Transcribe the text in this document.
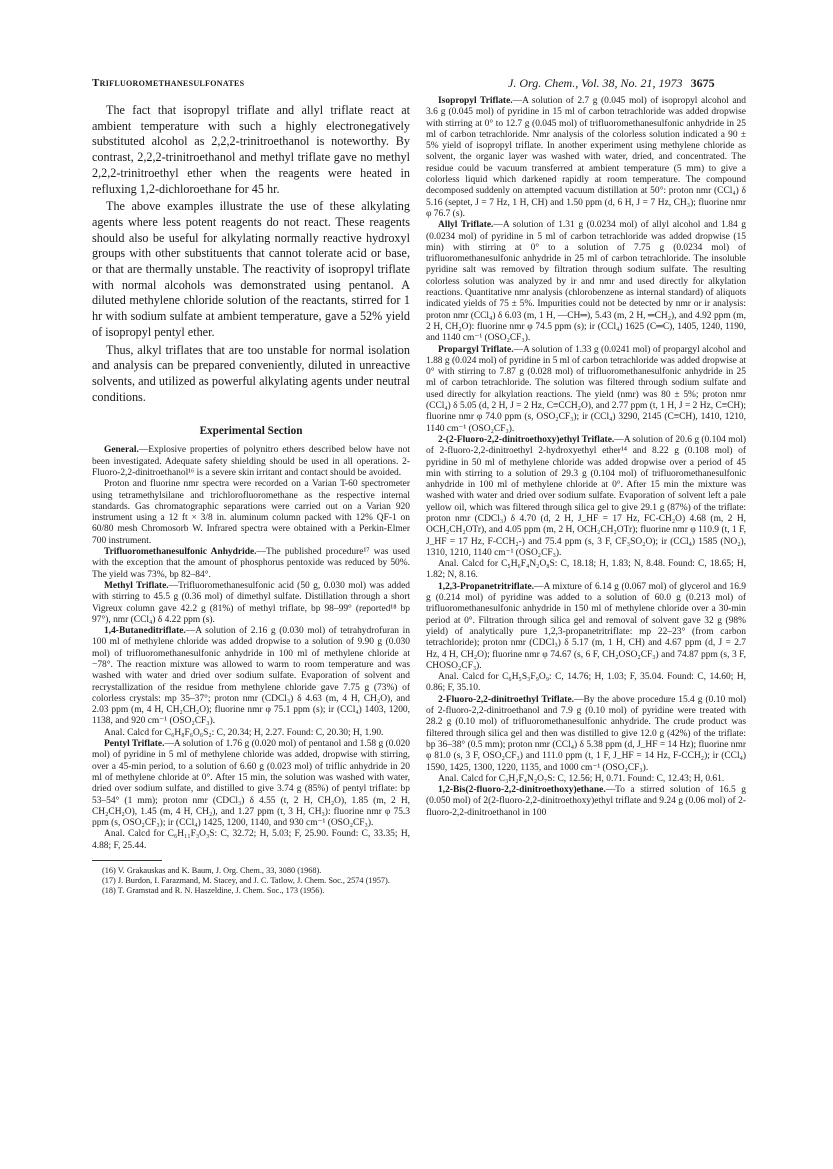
Trifluoromethanesulfonates	J. Org. Chem., Vol. 38, No. 21, 1973 3675

The fact that isopropyl triflate and allyl triflate react at ambient temperature with such a highly electronegatively substituted alcohol as 2,2,2-trinitroethanol is noteworthy. By contrast, 2,2,2-trinitroethanol and methyl triflate gave no methyl 2,2,2-trinitroethyl ether when the reagents were heated in refluxing 1,2-dichloroethane for 45 hr.

The above examples illustrate the use of these alkylating agents where less potent reagents do not react. These reagents should also be useful for alkylating normally reactive hydroxyl groups with other substituents that cannot tolerate acid or base, or that are thermally unstable. The reactivity of isopropyl triflate with normal alcohols was demonstrated using pentanol. A diluted methylene chloride solution of the reactants, stirred for 1 hr with sodium sulfate at ambient temperature, gave a 52% yield of isopropyl pentyl ether.

Thus, alkyl triflates that are too unstable for normal isolation and analysis can be prepared conveniently, diluted in unreactive solvents, and utilized as powerful alkylating agents under neutral conditions.

Experimental Section

General.—Explosive properties of polynitro ethers described below have not been investigated. Adequate safety shielding should be used in all operations. 2-Fluoro-2,2-dinitroethanol¹⁶ is a severe skin irritant and contact should be avoided.

Proton and fluorine nmr spectra were recorded on a Varian T-60 spectrometer using tetramethylsilane and trichlorofluoromethane as the respective internal standards. Gas chromatographic separations were carried out on a Varian 920 instrument using a 12 ft × 3/8 in. aluminum column packed with 12% QF-1 on 60/80 mesh Chromosorb W. Infrared spectra were obtained with a Perkin-Elmer 700 instrument.

Trifluoromethanesulfonic Anhydride.—The published procedure¹⁷ was used with the exception that the amount of phosphorus pentoxide was reduced by 50%. The yield was 73%, bp 82–84°.

Methyl Triflate.—Trifluoromethanesulfonic acid (50 g, 0.030 mol) was added with stirring to 45.5 g (0.36 mol) of dimethyl sulfate. Distillation through a short Vigreux column gave 42.2 g (81%) of methyl triflate, bp 98–99° (reported¹⁸ bp 97°), nmr (CCl₄) δ 4.22 ppm (s).

1,4-Butaneditriflate.—A solution of 2.16 g (0.030 mol) of tetrahydrofuran in 100 ml of methylene chloride was added dropwise to a solution of 9.90 g (0.030 mol) of trifluoromethanesulfonic anhydride in 100 ml of methylene chloride at −78°. The reaction mixture was allowed to warm to room temperature and was washed with water and dried over sodium sulfate. Evaporation of solvent and recrystallization of the residue from methylene chloride gave 7.75 g (73%) of colorless crystals: mp 35–37°; proton nmr (CDCl₃) δ 4.63 (m, 4 H, CH₂O), and 2.03 ppm (m, 4 H, CH₂CH₂O); fluorine nmr φ 75.1 ppm (s); ir (CCl₄) 1403, 1200, 1138, and 920 cm⁻¹ (OSO₂CF₃).

Anal. Calcd for C₆H₈F₆O₆S₂: C, 20.34; H, 2.27. Found: C, 20.30; H, 1.90.

Pentyl Triflate.—A solution of 1.76 g (0.020 mol) of pentanol and 1.58 g (0.020 mol) of pyridine in 5 ml of methylene chloride was added, dropwise with stirring, over a 45-min period, to a solution of 6.60 g (0.023 mol) of triflic anhydride in 20 ml of methylene chloride at 0°. After 15 min, the solution was washed with water, dried over sodium sulfate, and distilled to give 3.74 g (85%) of pentyl triflate: bp 53–54° (1 mm); proton nmr (CDCl₃) δ 4.55 (t, 2 H, CH₂O), 1.85 (m, 2 H, CH₂CH₂O), 1.45 (m, 4 H, CH₂), and 1.27 ppm (t, 3 H, CH₃): fluorine nmr φ 75.3 ppm (s, OSO₂CF₃); ir (CCl₄) 1425, 1200, 1140, and 930 cm⁻¹ (OSO₂CF₃).

Anal. Calcd for C₆H₁₁F₃O₃S: C, 32.72; H, 5.03; F, 25.90. Found: C, 33.35; H, 4.88; F, 25.44.

(16) V. Grakauskas and K. Baum, J. Org. Chem., 33, 3080 (1968).

(17) J. Burdon, I. Farazmand, M. Stacey, and J. C. Tatlow, J. Chem. Soc., 2574 (1957).

(18) T. Gramstad and R. N. Haszeldine, J. Chem. Soc., 173 (1956).

Isopropyl Triflate.—A solution of 2.7 g (0.045 mol) of isopropyl alcohol and 3.6 g (0.045 mol) of pyridine in 15 ml of carbon tetrachloride was added dropwise with stirring at 0° to 12.7 g (0.045 mol) of trifluoromethanesulfonic anhydride in 25 ml of carbon tetrachloride. Nmr analysis of the colorless solution indicated a 90 ± 5% yield of isopropyl triflate. In another experiment using methylene chloride as solvent, the organic layer was washed with water, dried, and concentrated. The residue could be vacuum transferred at ambient temperature (5 mm) to give a colorless liquid which darkened rapidly at room temperature. The compound decomposed suddenly on attempted vacuum distillation at 50°: proton nmr (CCl₄) δ 5.16 (septet, J = 7 Hz, 1 H, CH) and 1.50 ppm (d, 6 H, J = 7 Hz, CH₃); fluorine nmr φ 76.7 (s).

Allyl Triflate.—A solution of 1.31 g (0.0234 mol) of allyl alcohol and 1.84 g (0.0234 mol) of pyridine in 5 ml of carbon tetrachloride was added dropwise (15 min) with stirring at 0° to a solution of 7.75 g (0.0234 mol) of trifluoromethanesulfonic anhydride in 25 ml of carbon tetrachloride. The insoluble pyridine salt was removed by filtration through sodium sulfate. The resulting colorless solution was analyzed by ir and nmr and used directly for alkylation reactions. Quantitative nmr analysis (chlorobenzene as internal standard) of aliquots indicated yields of 75 ± 5%. Impurities could not be detected by nmr or ir analysis: proton nmr (CCl₄) δ 6.03 (m, 1 H, —CH═), 5.43 (m, 2 H, ═CH₂), and 4.92 ppm (m, 2 H, CH₂O): fluorine nmr φ 74.5 ppm (s); ir (CCl₄) 1625 (C═C), 1405, 1240, 1190, and 1140 cm⁻¹ (OSO₂CF₃).

Propargyl Triflate.—A solution of 1.33 g (0.0241 mol) of propargyl alcohol and 1.88 g (0.024 mol) of pyridine in 5 ml of carbon tetrachloride was added dropwise at 0° with stirring to 7.87 g (0.028 mol) of trifluoromethanesulfonic anhydride in 25 ml of carbon tetrachloride. The solution was filtered through sodium sulfate and used directly for alkylation reactions. The yield (nmr) was 80 ± 5%; proton nmr (CCl₄) δ 5.05 (d, 2 H, J = 2 Hz, C≡CCH₂O), and 2.77 ppm (t, 1 H, J = 2 Hz, C≡CH); fluorine nmr φ 74.0 ppm (s, OSO₂CF₃); ir (CCl₄) 3290, 2145 (C≡CH), 1410, 1210, 1140 cm⁻¹ (OSO₂CF₃).

2-(2-Fluoro-2,2-dinitroethoxy)ethyl Triflate.—A solution of 20.6 g (0.104 mol) of 2-fluoro-2,2-dinitroethyl 2-hydroxyethyl ether¹⁴ and 8.22 g (0.108 mol) of pyridine in 50 ml of methylene chloride was added dropwise over a period of 45 min with stirring to a solution of 29.3 g (0.104 mol) of trifluoromethanesulfonic anhydride in 100 ml of methylene chloride at 0°. After 15 min the mixture was washed with water and dried over sodium sulfate. Evaporation of solvent left a pale yellow oil, which was filtered through silica gel to give 29.1 g (87%) of the triflate: proton nmr (CDCl₃) δ 4.70 (d, 2 H, J_HF = 17 Hz, FC-CH₂O) 4.68 (m, 2 H, OCH₂CH₂OTr), and 4.05 ppm (m, 2 H, OCH₂CH₂OTr); fluorine nmr φ 110.9 (t, 1 F, J_HF = 17 Hz, F-CCH₂-) and 75.4 ppm (s, 3 F, CF₃SO₂O); ir (CCl₄) 1585 (NO₂), 1310, 1210, 1140 cm⁻¹ (OSO₂CF₃).

Anal. Calcd for C₅H₆F₄N₂O₈S: C, 18.18; H, 1.83; N, 8.48. Found: C, 18.65; H, 1.82; N, 8.16.

1,2,3-Propanetritriflate.—A mixture of 6.14 g (0.067 mol) of glycerol and 16.9 g (0.214 mol) of pyridine was added to a solution of 60.0 g (0.213 mol) of trifluoromethanesulfonic anhydride in 150 ml of methylene chloride over a 30-min period at 0°. Filtration through silica gel and removal of solvent gave 32 g (98% yield) of analytically pure 1,2,3-propanetritriflate: mp 22–23° (from carbon tetrachloride); proton nmr (CDCl₃) δ 5.17 (m, 1 H, CH) and 4.67 ppm (d, J = 2.7 Hz, 4 H, CH₂O); fluorine nmr φ 74.67 (s, 6 F, CH₂OSO₂CF₃) and 74.87 ppm (s, 3 F, CHOSO₂CF₃).

Anal. Calcd for C₆H₅S₃F₉O₉: C, 14.76; H, 1.03; F, 35.04. Found: C, 14.60; H, 0.86; F, 35.10.

2-Fluoro-2,2-dinitroethyl Triflate.—By the above procedure 15.4 g (0.10 mol) of 2-fluoro-2,2-dinitroethanol and 7.9 g (0.10 mol) of pyridine were treated with 28.2 g (0.10 mol) of trifluoromethanesulfonic anhydride. The crude product was filtered through silica gel and then was distilled to give 12.0 g (42%) of the triflate: bp 36–38° (0.5 mm); proton nmr (CCl₄) δ 5.38 ppm (d, J_HF = 14 Hz); fluorine nmr φ 81.0 (s, 3 F, OSO₂CF₃) and 111.0 ppm (t, 1 F, J_HF = 14 Hz, F-CCH₂); ir (CCl₄) 1590, 1425, 1300, 1220, 1135, and 1000 cm⁻¹ (OSO₂CF₃).

Anal. Calcd for C₃H₂F₄N₂O₇S: C, 12.56; H, 0.71. Found: C, 12.43; H, 0.61.

1,2-Bis(2-fluoro-2,2-dinitroethoxy)ethane.—To a stirred solution of 16.5 g (0.050 mol) of 2(2-fluoro-2,2-dinitroethoxy)ethyl triflate and 9.24 g (0.06 mol) of 2-fluoro-2,2-dinitroethanol in 100
